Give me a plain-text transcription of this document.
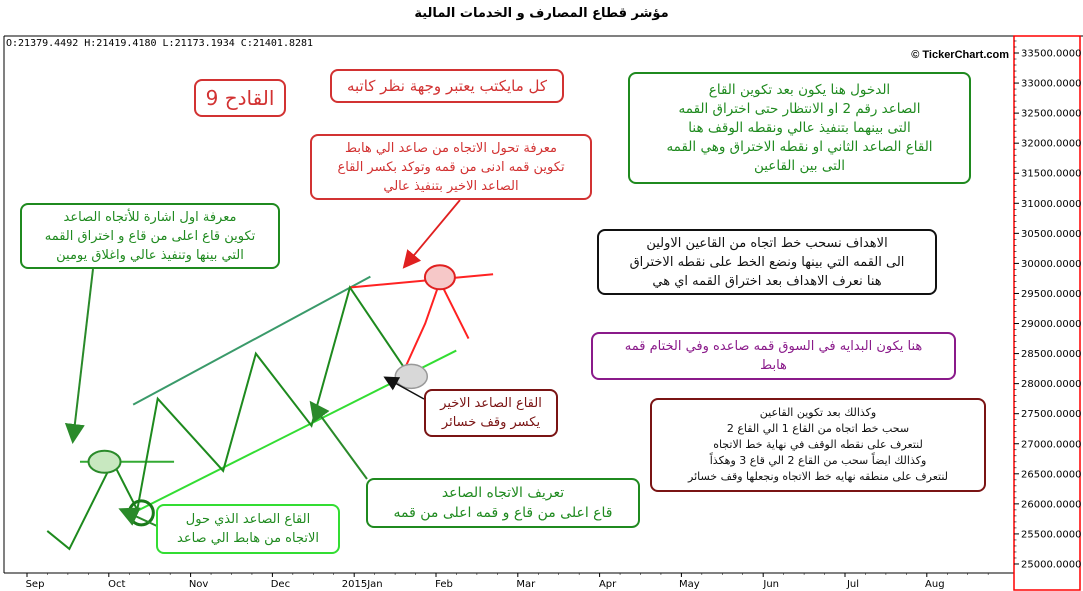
مؤشر قطاع المصارف و الخدمات المالية
O:21379.4492 H:21419.4180 L:21173.1934 C:21401.8281
25000.0000
25500.0000
26000.0000
26500.0000
27000.0000
27500.0000
28000.0000
28500.0000
29000.0000
29500.0000
30000.0000
30500.0000
31000.0000
31500.0000
32000.0000
32500.0000
33000.0000
33500.0000
Sep	Oct	Nov	Dec	2015Jan	Feb	Mar	Apr	May	Jun	Jul	Aug
© TickerChart.com
القادح 9	كل مايكتب يعتبر وجهة نظر كاتبه	الدخول هنا يكون بعد تكوين القاع
الصاعد رقم 2 او الانتظار حتى اختراق القمه
التى بينهما بتنفيذ عالي ونقطه الوقف هنا
القاع الصاعد الثاني او نقطه الاختراق وهي القمه
التى بين القاعين
معرفة تحول الاتجاه من صاعد الي هابط
تكوين قمه ادنى من قمه وتوكد بكسر القاع
الصاعد الاخير بتنفيذ عالي
معرفة اول اشارة للأتجاه الصاعد
تكوين قاع اعلى من قاع و اختراق القمه
التي بينها وتنفيذ عالي واغلاق يومين
الاهداف نسحب خط اتجاه من القاعين الاولين
الى القمه التي بينها ونضع الخط على نقطه الاختراق
هنا نعرف الاهداف بعد اختراق القمه اي هي
هنا يكون البدايه في السوق قمه صاعده وفي الختام قمه
هابط
القاع الصاعد الاخير
يكسر وقف خسائر
وكذالك بعد تكوين القاعين
سحب خط اتجاه من القاع 1 الي القاع 2
لنتعرف على نقطه الوقف في نهاية خط الاتجاه
وكذالك ايضاً سحب من القاع 2 الي قاع 3 وهكذاً
لنتعرف على منطقه نهايه خط الاتجاه ونجعلها وقف خسائر
تعريف الاتجاه الصاعد
قاع اعلى من قاع و قمه اعلى من قمه
القاع الصاعد الذي حول
الاتجاه من هابط الي صاعد
